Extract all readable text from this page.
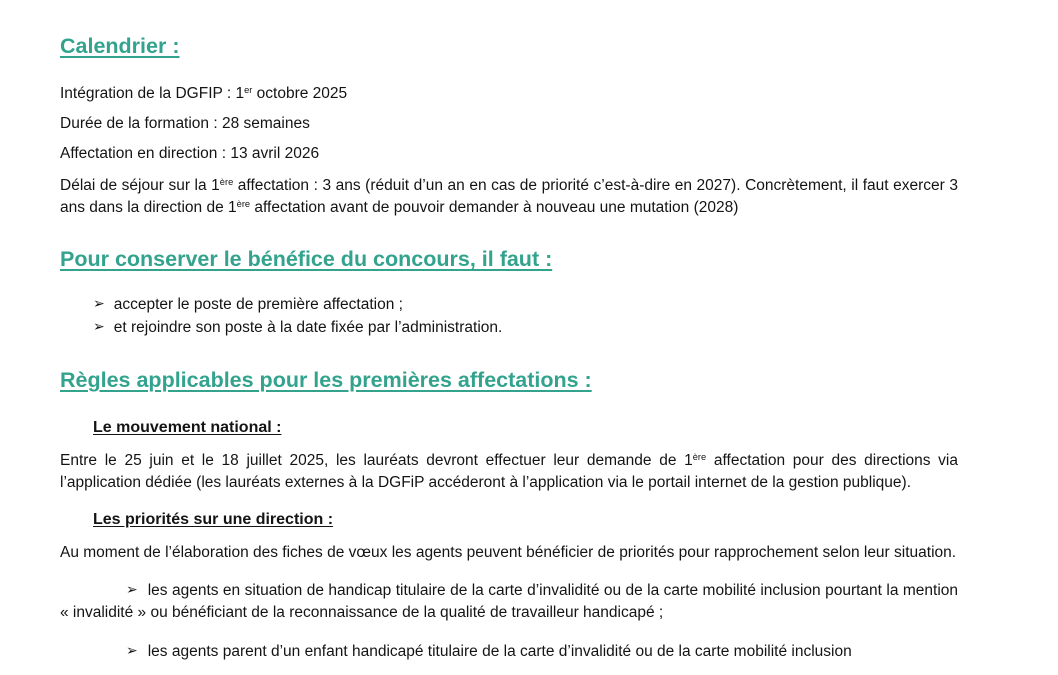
Calendrier :
Intégration de la DGFIP : 1er octobre 2025
Durée de la formation : 28 semaines
Affectation en direction : 13 avril 2026

Délai de séjour sur la 1ère affectation : 3 ans (réduit d’un an en cas de priorité c’est-à-dire en 2027). Concrètement, il faut exercer 3 ans dans la direction de 1ère affectation avant de pouvoir demander à nouveau une mutation (2028)

Pour conserver le bénéfice du concours, il faut :
➢ accepter le poste de première affectation ;
➢ et rejoindre son poste à la date fixée par l’administration.
Règles applicables pour les premières affectations :
Le mouvement national :

Entre le 25 juin et le 18 juillet 2025, les lauréats devront effectuer leur demande de 1ère affectation pour des directions via l’application dédiée (les lauréats externes à la DGFiP accéderont à l’application via le portail internet de la gestion publique).

Les priorités sur une direction :

Au moment de l’élaboration des fiches de vœux les agents peuvent bénéficier de priorités pour rapprochement selon leur situation.

➢ les agents en situation de handicap titulaire de la carte d’invalidité ou de la carte mobilité inclusion pourtant la mention « invalidité » ou bénéficiant de la reconnaissance de la qualité de travailleur handicapé ;

➢ les agents parent d’un enfant handicapé titulaire de la carte d’invalidité ou de la carte mobilité inclusion
